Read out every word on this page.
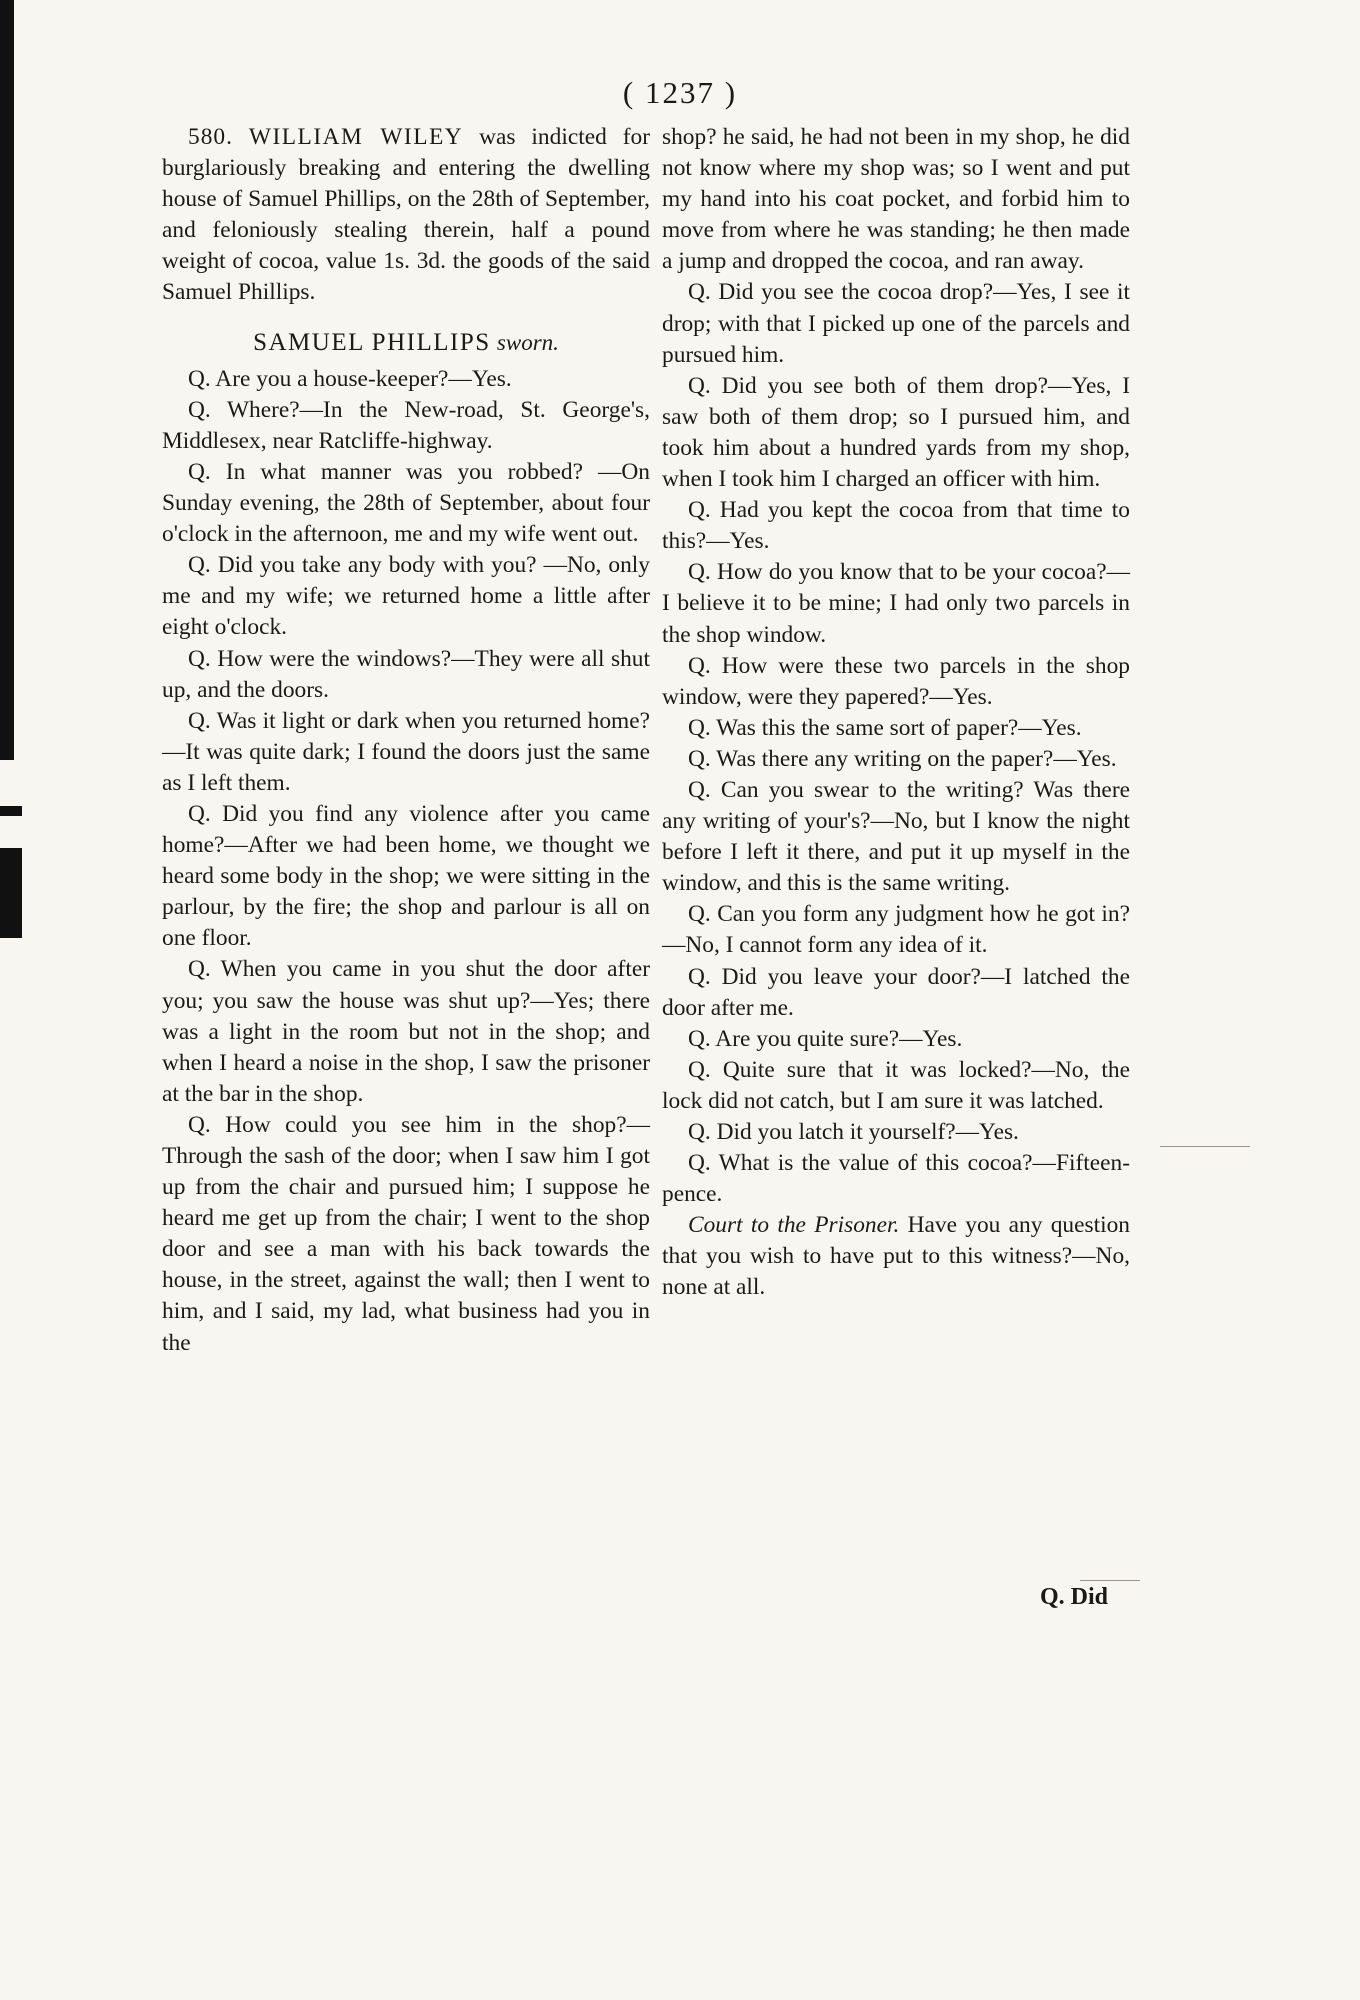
( 1237 )

580. WILLIAM WILEY was indicted for burglariously breaking and entering the dwelling house of Samuel Phillips, on the 28th of September, and feloniously stealing therein, half a pound weight of cocoa, value 1s. 3d. the goods of the said Samuel Phillips.

SAMUEL PHILLIPS sworn.

Q. Are you a house-keeper?—Yes.

Q. Where?—In the New-road, St. George's, Middlesex, near Ratcliffe-highway.

Q. In what manner was you robbed? —On Sunday evening, the 28th of September, about four o'clock in the afternoon, me and my wife went out.

Q. Did you take any body with you? —No, only me and my wife; we returned home a little after eight o'clock.

Q. How were the windows?—They were all shut up, and the doors.

Q. Was it light or dark when you returned home?—It was quite dark; I found the doors just the same as I left them.

Q. Did you find any violence after you came home?—After we had been home, we thought we heard some body in the shop; we were sitting in the parlour, by the fire; the shop and parlour is all on one floor.

Q. When you came in you shut the door after you; you saw the house was shut up?—Yes; there was a light in the room but not in the shop; and when I heard a noise in the shop, I saw the prisoner at the bar in the shop.

Q. How could you see him in the shop?—Through the sash of the door; when I saw him I got up from the chair and pursued him; I suppose he heard me get up from the chair; I went to the shop door and see a man with his back towards the house, in the street, against the wall; then I went to him, and I said, my lad, what business had you in the

shop? he said, he had not been in my shop, he did not know where my shop was; so I went and put my hand into his coat pocket, and forbid him to move from where he was standing; he then made a jump and dropped the cocoa, and ran away.

Q. Did you see the cocoa drop?—Yes, I see it drop; with that I picked up one of the parcels and pursued him.

Q. Did you see both of them drop?—Yes, I saw both of them drop; so I pursued him, and took him about a hundred yards from my shop, when I took him I charged an officer with him.

Q. Had you kept the cocoa from that time to this?—Yes.

Q. How do you know that to be your cocoa?—I believe it to be mine; I had only two parcels in the shop window.

Q. How were these two parcels in the shop window, were they papered?—Yes.

Q. Was this the same sort of paper?—Yes.

Q. Was there any writing on the paper?—Yes.

Q. Can you swear to the writing? Was there any writing of your's?—No, but I know the night before I left it there, and put it up myself in the window, and this is the same writing.

Q. Can you form any judgment how he got in?—No, I cannot form any idea of it.

Q. Did you leave your door?—I latched the door after me.

Q. Are you quite sure?—Yes.

Q. Quite sure that it was locked?—No, the lock did not catch, but I am sure it was latched.

Q. Did you latch it yourself?—Yes.

Q. What is the value of this cocoa?—Fifteen-pence.

Court to the Prisoner. Have you any question that you wish to have put to this witness?—No, none at all.

Q. Did
